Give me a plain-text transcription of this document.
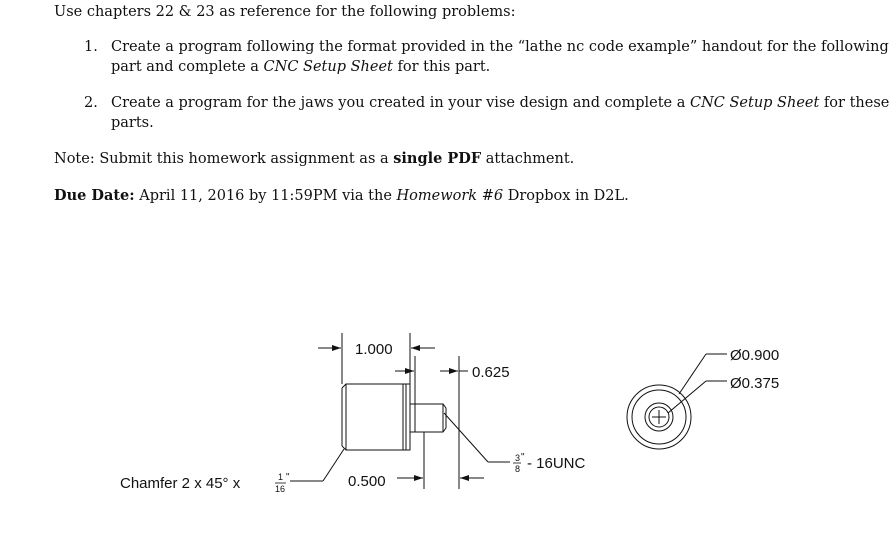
Use chapters 22 & 23 as reference for the following problems:
1. Create a program following the format provided in the “lathe nc code example” handout for the following
part and complete a CNC Setup Sheet for this part.
2. Create a program for the jaws you created in your vise design and complete a CNC Setup Sheet for these
parts.
Note: Submit this homework assignment as a single PDF attachment.
Due Date: April 11, 2016 by 11:59PM via the Homework #6 Dropbox in D2L.
1.000
0.625
0.500
Ø0.900
Ø0.375
Chamfer 2 x 45° x	1
16
"
3
8
" - 16UNC
